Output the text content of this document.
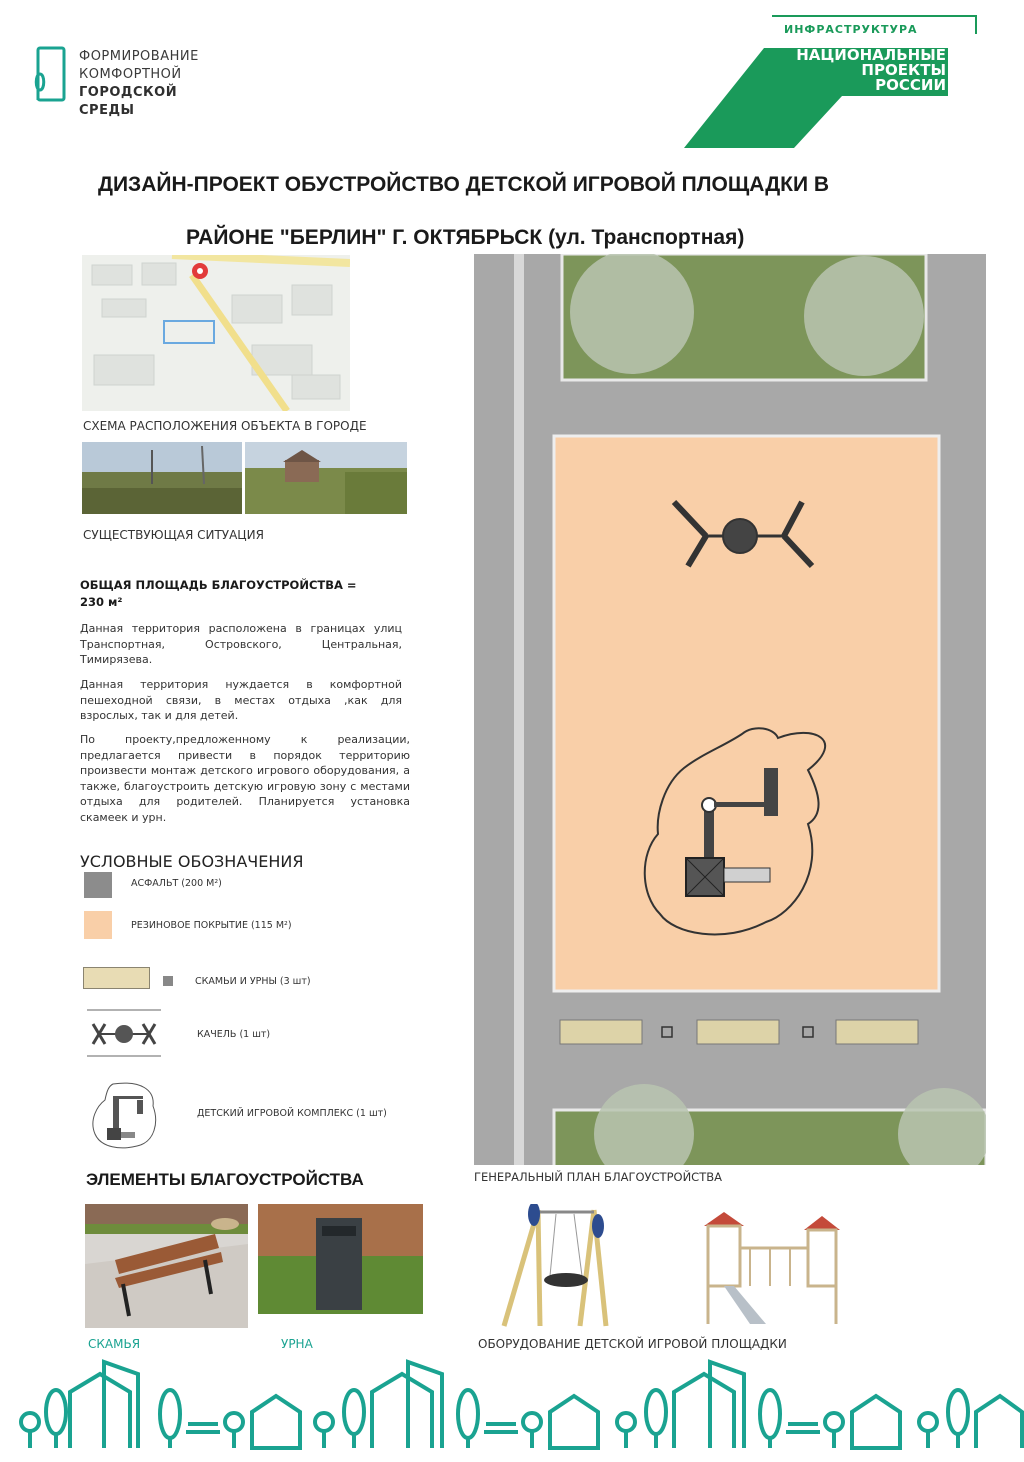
ФОРМИРОВАНИЕ
КОМФОРТНОЙ
ГОРОДСКОЙ СРЕДЫ
ИНФРАСТРУКТУРА
НАЦИОНАЛЬНЫЕ
ПРОЕКТЫ
РОССИИ
ДИЗАЙН-ПРОЕКТ ОБУСТРОЙСТВО ДЕТСКОЙ ИГРОВОЙ ПЛОЩАДКИ В
РАЙОНЕ "БЕРЛИН" Г. ОКТЯБРЬСК (ул. Транспортная)
СХЕМА РАСПОЛОЖЕНИЯ ОБЪЕКТА В ГОРОДЕ
СУЩЕСТВУЮЩАЯ СИТУАЦИЯ
ОБЩАЯ ПЛОЩАДЬ БЛАГОУСТРОЙСТВА =
230 м²
Данная территория расположена в границах улиц Транспортная, Островского, Центральная, Тимирязева.
Данная территория нуждается в комфортной пешеходной связи, в местах отдыха ,как для взрослых, так и для детей.
По проекту,предложенному к реализации, предлагается привести в порядок территорию произвести монтаж детского игрового оборудования, а также, благоустроить детскую игровую зону с местами отдыха для родителей. Планируется установка скамеек и урн.
УСЛОВНЫЕ ОБОЗНАЧЕНИЯ
АСФАЛЬТ (200 М²)
РЕЗИНОВОЕ ПОКРЫТИЕ (115 М²)
СКАМЬИ И УРНЫ (3 шт)
КАЧЕЛЬ (1 шт)
ДЕТСКИЙ ИГРОВОЙ КОМПЛЕКС (1 шт)
ГЕНЕРАЛЬНЫЙ ПЛАН БЛАГОУСТРОЙСТВА
ЭЛЕМЕНТЫ БЛАГОУСТРОЙСТВА
СКАМЬЯ	УРНА	ОБОРУДОВАНИЕ ДЕТСКОЙ ИГРОВОЙ ПЛОЩАДКИ
